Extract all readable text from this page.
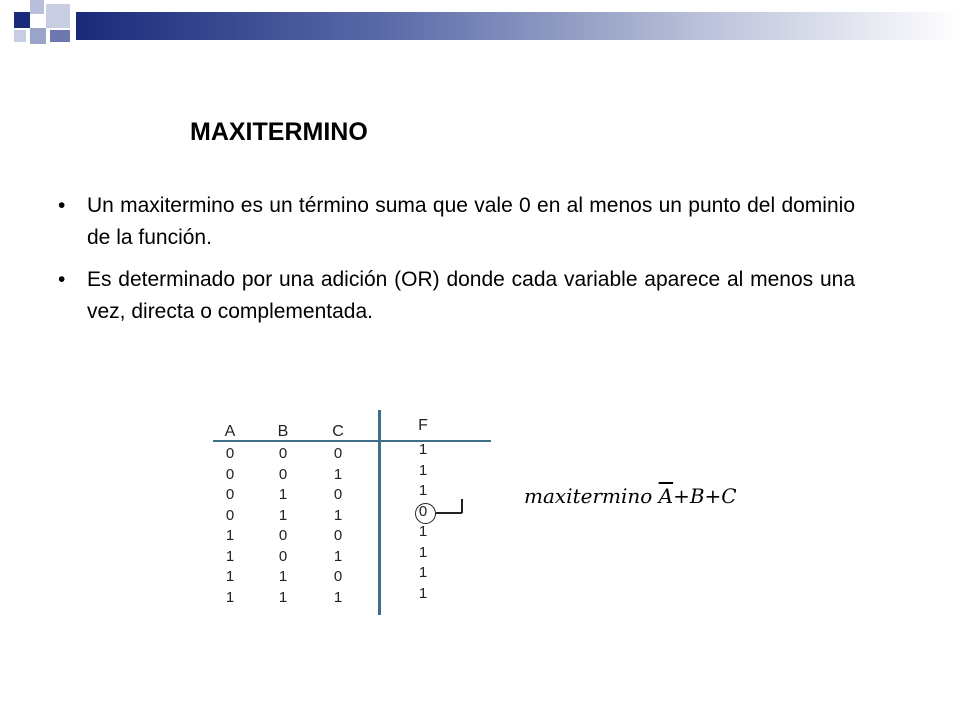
MAXITERMINO
• Un maxitermino es un término suma que vale 0 en al menos un punto del dominio de la función.
• Es determinado por una adición (OR) donde cada variable aparece al menos una vez, directa o complementada.
A	B	C	F
0	0	0	1
0	0	1	1
0	1	0	1
0	1	1	0
1	0	0	1
1	0	1	1
1	1	0	1
1	1	1	1
maxitermino $\overline{A}+B+C$
